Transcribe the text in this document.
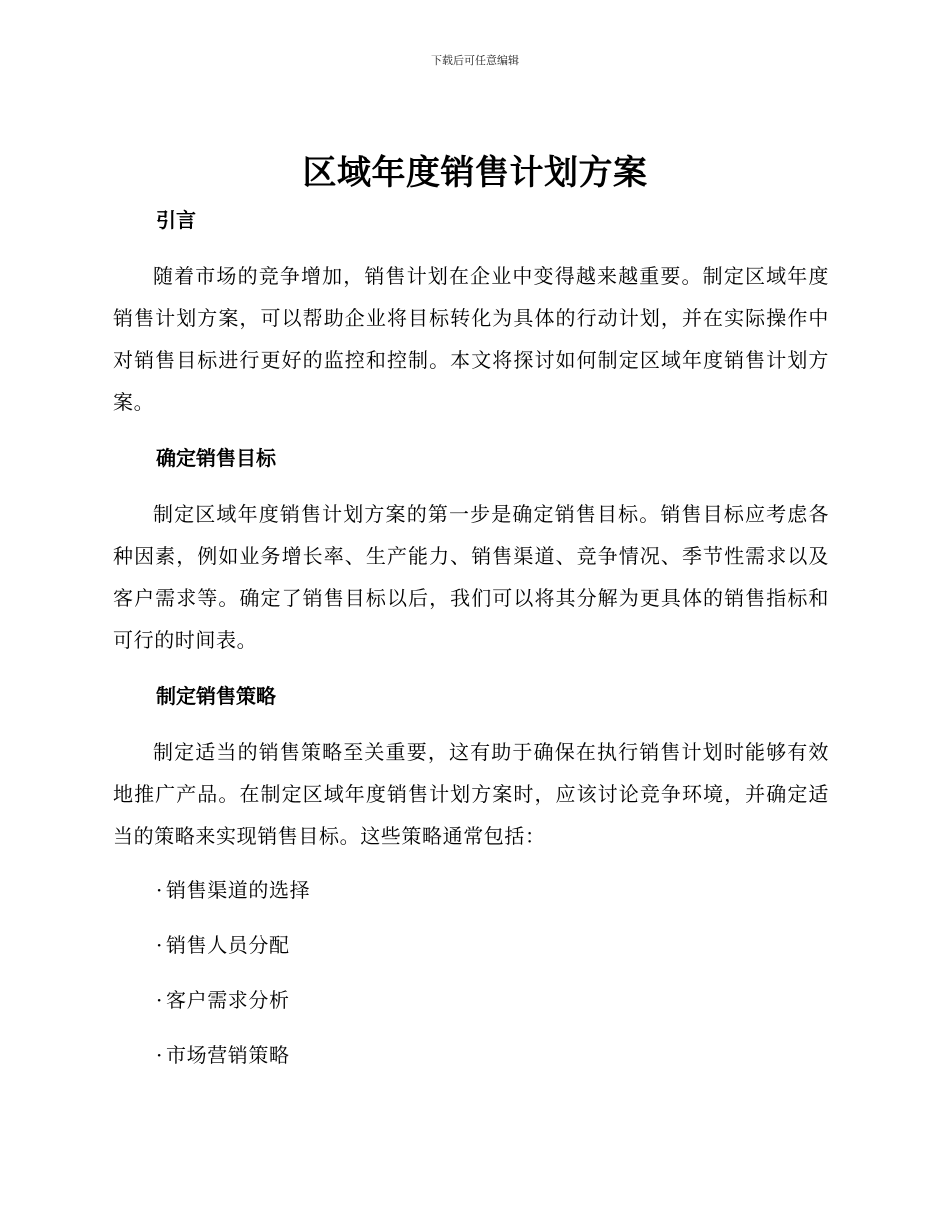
下载后可任意编辑
区域年度销售计划方案
引言

随着市场的竞争增加，销售计划在企业中变得越来越重要。制定区域年度销售计划方案，可以帮助企业将目标转化为具体的行动计划，并在实际操作中对销售目标进行更好的监控和控制。本文将探讨如何制定区域年度销售计划方案。

确定销售目标

制定区域年度销售计划方案的第一步是确定销售目标。销售目标应考虑各种因素，例如业务增长率、生产能力、销售渠道、竞争情况、季节性需求以及客户需求等。确定了销售目标以后，我们可以将其分解为更具体的销售指标和可行的时间表。

制定销售策略

制定适当的销售策略至关重要，这有助于确保在执行销售计划时能够有效地推广产品。在制定区域年度销售计划方案时，应该讨论竞争环境，并确定适当的策略来实现销售目标。这些策略通常包括：

· 销售渠道的选择

· 销售人员分配

· 客户需求分析

· 市场营销策略
